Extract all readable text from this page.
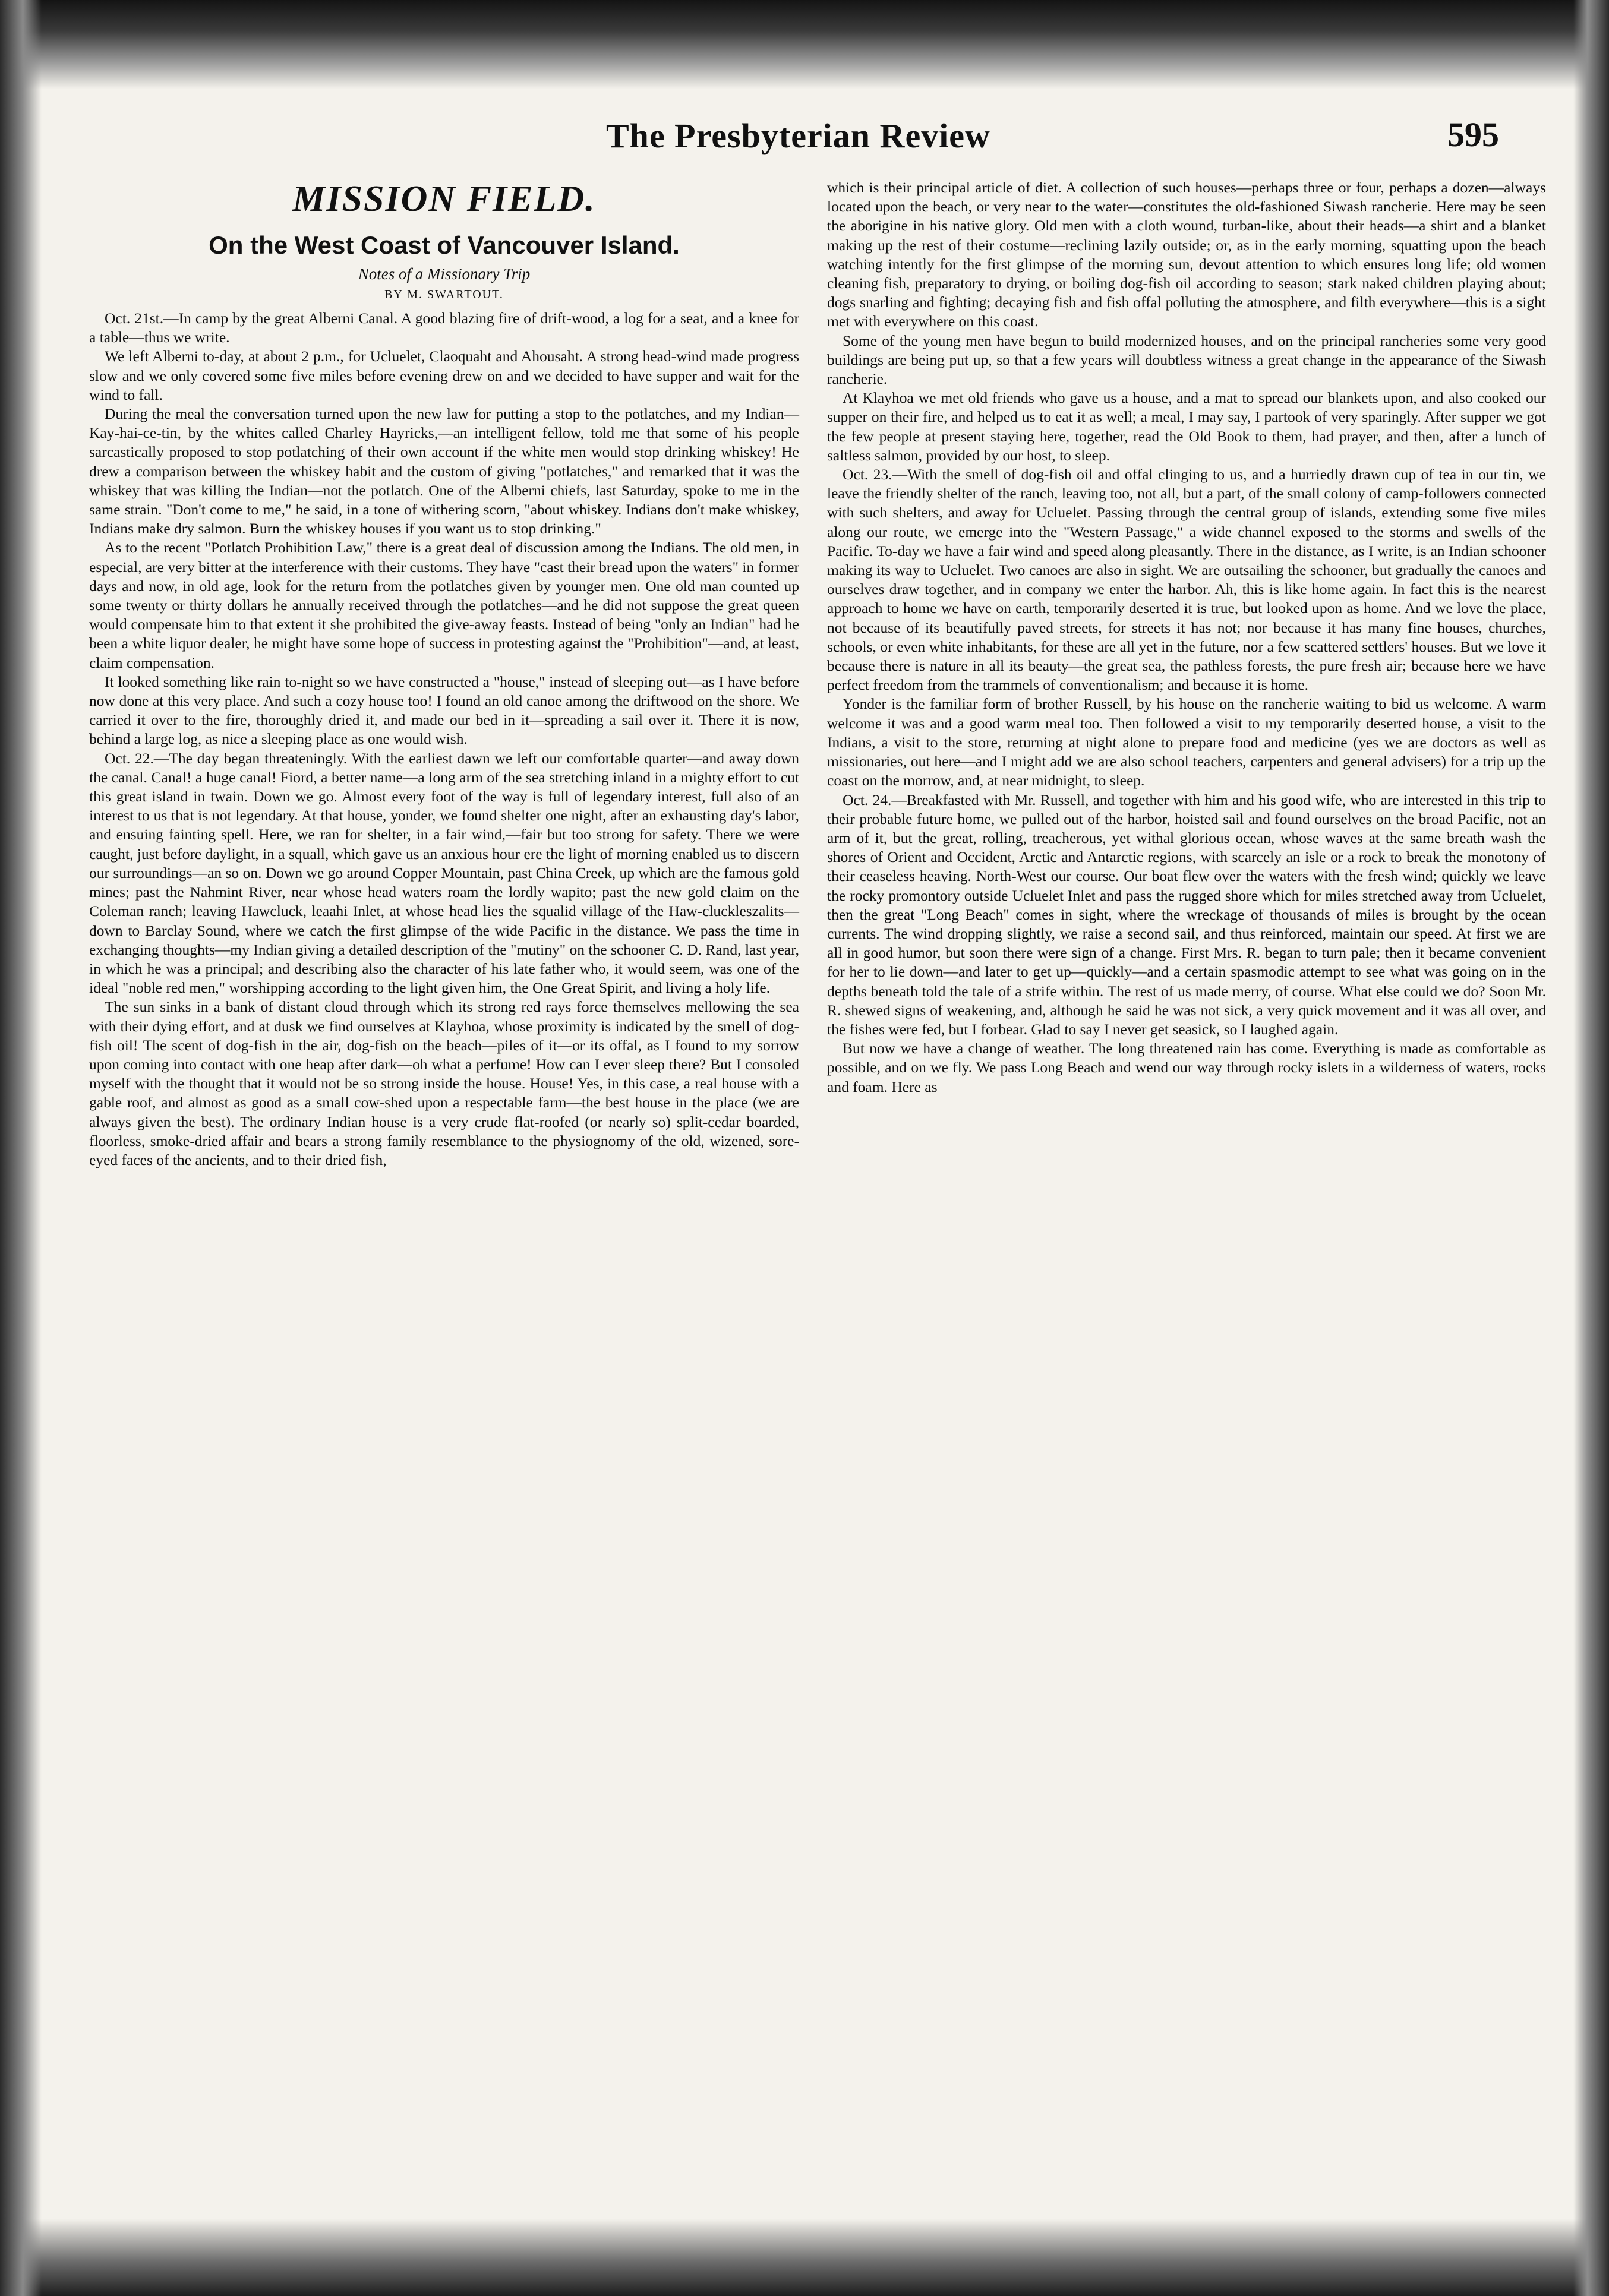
The Presbyterian Review	595
MISSION FIELD.
On the West Coast of Vancouver Island.
Notes of a Missionary Trip
BY M. SWARTOUT.

Oct. 21st.—In camp by the great Alberni Canal. A good blazing fire of drift-wood, a log for a seat, and a knee for a table—thus we write.

We left Alberni to-day, at about 2 p.m., for Ucluelet, Claoquaht and Ahousaht. A strong head-wind made progress slow and we only covered some five miles before evening drew on and we decided to have supper and wait for the wind to fall.

During the meal the conversation turned upon the new law for putting a stop to the potlatches, and my Indian—Kay-hai-ce-tin, by the whites called Charley Hayricks,—an intelligent fellow, told me that some of his people sarcastically proposed to stop potlatching of their own account if the white men would stop drinking whiskey! He drew a comparison between the whiskey habit and the custom of giving "potlatches," and remarked that it was the whiskey that was killing the Indian—not the potlatch. One of the Alberni chiefs, last Saturday, spoke to me in the same strain. "Don't come to me," he said, in a tone of withering scorn, "about whiskey. Indians don't make whiskey, Indians make dry salmon. Burn the whiskey houses if you want us to stop drinking."

As to the recent "Potlatch Prohibition Law," there is a great deal of discussion among the Indians. The old men, in especial, are very bitter at the interference with their customs. They have "cast their bread upon the waters" in former days and now, in old age, look for the return from the potlatches given by younger men. One old man counted up some twenty or thirty dollars he annually received through the potlatches—and he did not suppose the great queen would compensate him to that extent it she prohibited the give-away feasts. Instead of being "only an Indian" had he been a white liquor dealer, he might have some hope of success in protesting against the "Prohibition"—and, at least, claim compensation.

It looked something like rain to-night so we have constructed a "house," instead of sleeping out—as I have before now done at this very place. And such a cozy house too! I found an old canoe among the driftwood on the shore. We carried it over to the fire, thoroughly dried it, and made our bed in it—spreading a sail over it. There it is now, behind a large log, as nice a sleeping place as one would wish.

Oct. 22.—The day began threateningly. With the earliest dawn we left our comfortable quarter—and away down the canal. Canal! a huge canal! Fiord, a better name—a long arm of the sea stretching inland in a mighty effort to cut this great island in twain. Down we go. Almost every foot of the way is full of legendary interest, full also of an interest to us that is not legendary. At that house, yonder, we found shelter one night, after an exhausting day's labor, and ensuing fainting spell. Here, we ran for shelter, in a fair wind,—fair but too strong for safety. There we were caught, just before daylight, in a squall, which gave us an anxious hour ere the light of morning enabled us to discern our surroundings—an so on. Down we go around Copper Mountain, past China Creek, up which are the famous gold mines; past the Nahmint River, near whose head waters roam the lordly wapito; past the new gold claim on the Coleman ranch; leaving Hawcluck, leaahi Inlet, at whose head lies the squalid village of the Haw-cluckleszalits—down to Barclay Sound, where we catch the first glimpse of the wide Pacific in the distance. We pass the time in exchanging thoughts—my Indian giving a detailed description of the "mutiny" on the schooner C. D. Rand, last year, in which he was a principal; and describing also the character of his late father who, it would seem, was one of the ideal "noble red men," worshipping according to the light given him, the One Great Spirit, and living a holy life.

The sun sinks in a bank of distant cloud through which its strong red rays force themselves mellowing the sea with their dying effort, and at dusk we find ourselves at Klayhoa, whose proximity is indicated by the smell of dog-fish oil! The scent of dog-fish in the air, dog-fish on the beach—piles of it—or its offal, as I found to my sorrow upon coming into contact with one heap after dark—oh what a perfume! How can I ever sleep there? But I consoled myself with the thought that it would not be so strong inside the house. House! Yes, in this case, a real house with a gable roof, and almost as good as a small cow-shed upon a respectable farm—the best house in the place (we are always given the best). The ordinary Indian house is a very crude flat-roofed (or nearly so) split-cedar boarded, floorless, smoke-dried affair and bears a strong family resemblance to the physiognomy of the old, wizened, sore-eyed faces of the ancients, and to their dried fish,

which is their principal article of diet. A collection of such houses—perhaps three or four, perhaps a dozen—always located upon the beach, or very near to the water—constitutes the old-fashioned Siwash rancherie. Here may be seen the aborigine in his native glory. Old men with a cloth wound, turban-like, about their heads—a shirt and a blanket making up the rest of their costume—reclining lazily outside; or, as in the early morning, squatting upon the beach watching intently for the first glimpse of the morning sun, devout attention to which ensures long life; old women cleaning fish, preparatory to drying, or boiling dog-fish oil according to season; stark naked children playing about; dogs snarling and fighting; decaying fish and fish offal polluting the atmosphere, and filth everywhere—this is a sight met with everywhere on this coast.

Some of the young men have begun to build modernized houses, and on the principal rancheries some very good buildings are being put up, so that a few years will doubtless witness a great change in the appearance of the Siwash rancherie.

At Klayhoa we met old friends who gave us a house, and a mat to spread our blankets upon, and also cooked our supper on their fire, and helped us to eat it as well; a meal, I may say, I partook of very sparingly. After supper we got the few people at present staying here, together, read the Old Book to them, had prayer, and then, after a lunch of saltless salmon, provided by our host, to sleep.

Oct. 23.—With the smell of dog-fish oil and offal clinging to us, and a hurriedly drawn cup of tea in our tin, we leave the friendly shelter of the ranch, leaving too, not all, but a part, of the small colony of camp-followers connected with such shelters, and away for Ucluelet. Passing through the central group of islands, extending some five miles along our route, we emerge into the "Western Passage," a wide channel exposed to the storms and swells of the Pacific. To-day we have a fair wind and speed along pleasantly. There in the distance, as I write, is an Indian schooner making its way to Ucluelet. Two canoes are also in sight. We are outsailing the schooner, but gradually the canoes and ourselves draw together, and in company we enter the harbor. Ah, this is like home again. In fact this is the nearest approach to home we have on earth, temporarily deserted it is true, but looked upon as home. And we love the place, not because of its beautifully paved streets, for streets it has not; nor because it has many fine houses, churches, schools, or even white inhabitants, for these are all yet in the future, nor a few scattered settlers' houses. But we love it because there is nature in all its beauty—the great sea, the pathless forests, the pure fresh air; because here we have perfect freedom from the trammels of conventionalism; and because it is home.

Yonder is the familiar form of brother Russell, by his house on the rancherie waiting to bid us welcome. A warm welcome it was and a good warm meal too. Then followed a visit to my temporarily deserted house, a visit to the Indians, a visit to the store, returning at night alone to prepare food and medicine (yes we are doctors as well as missionaries, out here—and I might add we are also school teachers, carpenters and general advisers) for a trip up the coast on the morrow, and, at near midnight, to sleep.

Oct. 24.—Breakfasted with Mr. Russell, and together with him and his good wife, who are interested in this trip to their probable future home, we pulled out of the harbor, hoisted sail and found ourselves on the broad Pacific, not an arm of it, but the great, rolling, treacherous, yet withal glorious ocean, whose waves at the same breath wash the shores of Orient and Occident, Arctic and Antarctic regions, with scarcely an isle or a rock to break the monotony of their ceaseless heaving. North-West our course. Our boat flew over the waters with the fresh wind; quickly we leave the rocky promontory outside Ucluelet Inlet and pass the rugged shore which for miles stretched away from Ucluelet, then the great "Long Beach" comes in sight, where the wreckage of thousands of miles is brought by the ocean currents. The wind dropping slightly, we raise a second sail, and thus reinforced, maintain our speed. At first we are all in good humor, but soon there were sign of a change. First Mrs. R. began to turn pale; then it became convenient for her to lie down—and later to get up—quickly—and a certain spasmodic attempt to see what was going on in the depths beneath told the tale of a strife within. The rest of us made merry, of course. What else could we do? Soon Mr. R. shewed signs of weakening, and, although he said he was not sick, a very quick movement and it was all over, and the fishes were fed, but I forbear. Glad to say I never get seasick, so I laughed again.

But now we have a change of weather. The long threatened rain has come. Everything is made as comfortable as possible, and on we fly. We pass Long Beach and wend our way through rocky islets in a wilderness of waters, rocks and foam. Here as
